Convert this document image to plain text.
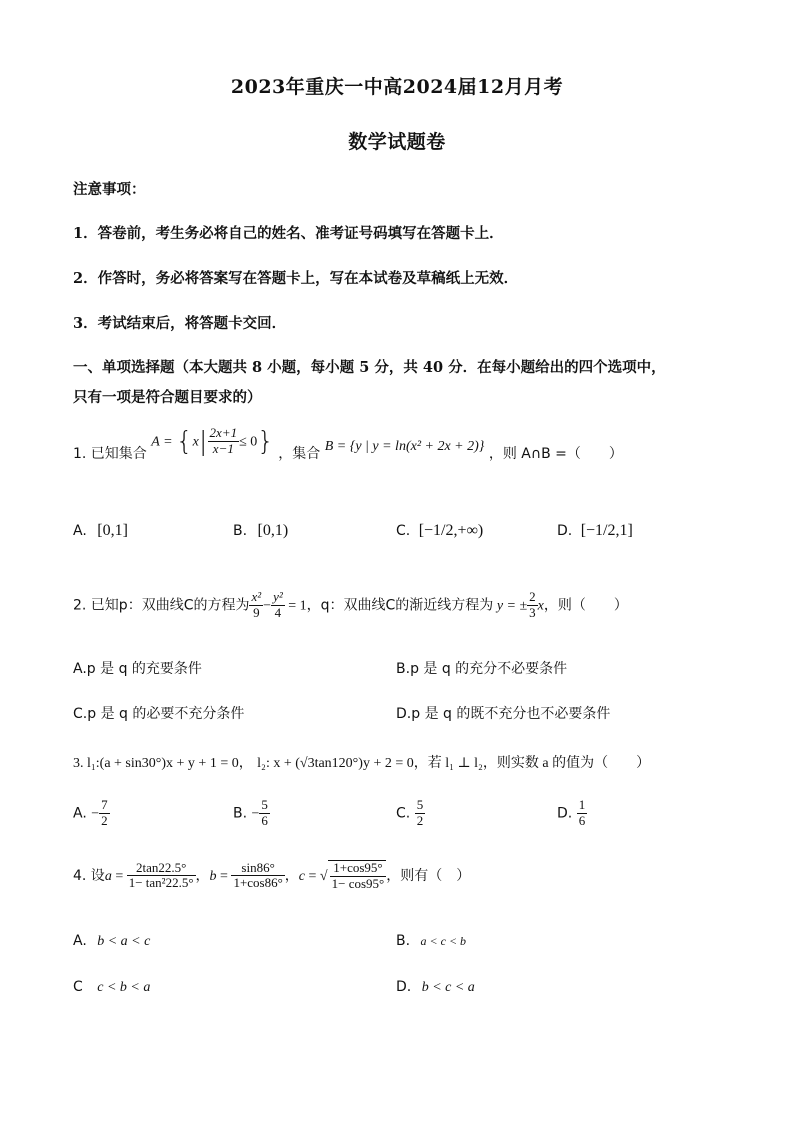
2023年重庆一中高2024届12月月考
数学试题卷
注意事项：
1．答卷前，考生务必将自己的姓名、准考证号码填写在答题卡上．
2．作答时，务必将答案写在答题卡上，写在本试卷及草稿纸上无效．
3．考试结束后，将答题卡交回．
一、单项选择题（本大题共 8 小题，每小题 5 分，共 40 分．在每小题给出的四个选项中，
只有一项是符合题目要求的）
1. 已知集合 $A = \{x| \frac{2x+1}{x-1} \le 0\}$ ，集合 B = {y | y = ln(x² + 2x + 2)} ，则 A∩B =（　　）
A. [0,1]	B. [0,1)	C. [−1/2,+∞)	D. [−1/2,1]
2. 已知p：双曲线C的方程为 $\frac{\text{x²}}{9} - \frac{\text{y²}}{4} = 1$，q：双曲线C的渐近线方程为 y = ± $\frac{2}{3}$ x，则（　　）
A.p 是 q 的充要条件	B.p 是 q 的充分不必要条件
C.p 是 q 的必要不充分条件	D.p 是 q 的既不充分也不必要条件
3. l₁:(a + sin30°)x + y + 1 = 0， l₂: x + (√3tan120°)y + 2 = 0，若 l₁ ⊥ l₂，则实数 a 的值为（　　）
A. − $\frac{7}{2}$	B. − $\frac{5}{6}$	C. $\frac{5}{2}$	D. $\frac{1}{6}$
4. 设$a = \frac{2\tan 22.5^\circ}{\text{1− tan²22.5°}}$ ，$b = \frac{\sin 86^\circ}{1+\cos 86^\circ}$ ，c = √ $\frac{1+\cos 95^\circ}{1- \cos 95^\circ}$ ，则有（　）
A. b < a < c	B. a < c < b
C c < b < a	D. b < c < a
